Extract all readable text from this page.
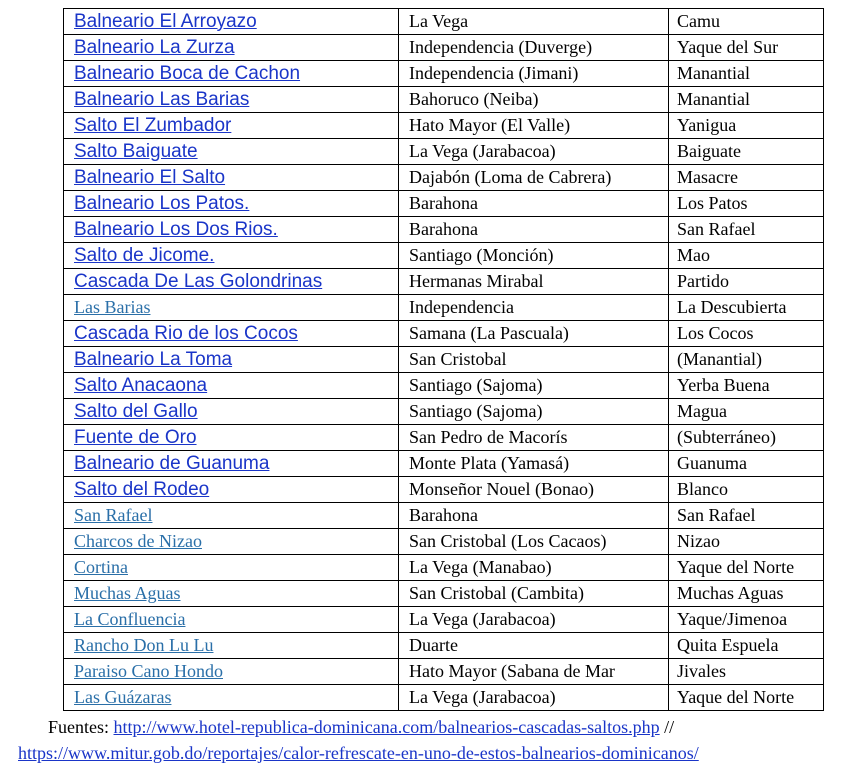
Balneario El Arroyazo	La Vega	Camu
Balneario La Zurza	Independencia (Duverge)	Yaque del Sur
Balneario Boca de Cachon	Independencia (Jimani)	Manantial
Balneario Las Barias	Bahoruco (Neiba)	Manantial
Salto El Zumbador	Hato Mayor (El Valle)	Yanigua
Salto Baiguate	La Vega (Jarabacoa)	Baiguate
Balneario El Salto	Dajabón (Loma de Cabrera)	Masacre
Balneario Los Patos.	Barahona	Los Patos
Balneario Los Dos Rios.	Barahona	San Rafael
Salto de Jicome.	Santiago (Monción)	Mao
Cascada De Las Golondrinas	Hermanas Mirabal	Partido
Las Barias	Independencia	La Descubierta
Cascada Rio de los Cocos	Samana (La Pascuala)	Los Cocos
Balneario La Toma	San Cristobal	(Manantial)
Salto Anacaona	Santiago (Sajoma)	Yerba Buena
Salto del Gallo	Santiago (Sajoma)	Magua
Fuente de Oro	San Pedro de Macorís	(Subterráneo)
Balneario de Guanuma	Monte Plata (Yamasá)	Guanuma
Salto del Rodeo	Monseñor Nouel (Bonao)	Blanco
San Rafael	Barahona	San Rafael
Charcos de Nizao	San Cristobal (Los Cacaos)	Nizao
Cortina	La Vega (Manabao)	Yaque del Norte
Muchas Aguas	San Cristobal (Cambita)	Muchas Aguas
La Confluencia	La Vega (Jarabacoa)	Yaque/Jimenoa
Rancho Don Lu Lu	Duarte	Quita Espuela
Paraiso Cano Hondo	Hato Mayor (Sabana de Mar	Jivales
Las Guázaras	La Vega (Jarabacoa)	Yaque del Norte
Fuentes: http://www.hotel-republica-dominicana.com/balnearios-cascadas-saltos.php //
https://www.mitur.gob.do/reportajes/calor-refrescate-en-uno-de-estos-balnearios-dominicanos/
